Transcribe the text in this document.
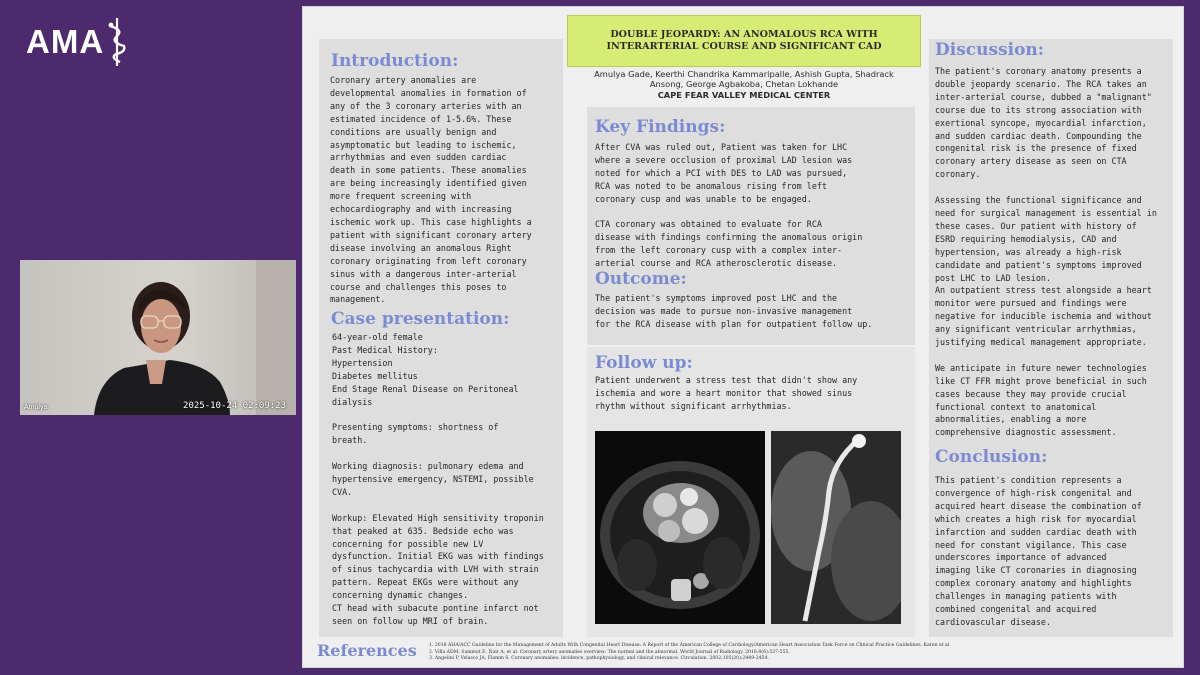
AMA
Amulya	2025-10-24 02:09:23
DOUBLE JEOPARDY: AN ANOMALOUS RCA WITH
INTERARTERIAL COURSE AND SIGNIFICANT CAD
Amulya Gade, Keerthi Chandrika Kammaripalle, Ashish Gupta, Shadrack
Ansong, George Agbakoba, Chetan Lokhande
CAPE FEAR VALLEY MEDICAL CENTER
Introduction:
Coronary artery anomalies are
developmental anomalies in formation of
any of the 3 coronary arteries with an
estimated incidence of 1-5.6%. These
conditions are usually benign and
asymptomatic but leading to ischemic,
arrhythmias and even sudden cardiac
death in some patients. These anomalies
are being increasingly identified given
more frequent screening with
echocardiography and with increasing
ischemic work up. This case highlights a
patient with significant coronary artery
disease involving an anomalous Right
coronary originating from left coronary
sinus with a dangerous inter-arterial
course and challenges this poses to
management.
Case presentation:
64-year-old female
Past Medical History:
Hypertension
Diabetes mellitus
End Stage Renal Disease on Peritoneal
dialysis

Presenting symptoms: shortness of
breath.

Working diagnosis: pulmonary edema and
hypertensive emergency, NSTEMI, possible
CVA.

Workup: Elevated High sensitivity troponin
that peaked at 635. Bedside echo was
concerning for possible new LV
dysfunction. Initial EKG was with findings
of sinus tachycardia with LVH with strain
pattern. Repeat EKGs were without any
concerning dynamic changes.
CT head with subacute pontine infarct not
seen on follow up MRI of brain.
Key Findings:
After CVA was ruled out, Patient was taken for LHC
where a severe occlusion of proximal LAD lesion was
noted for which a PCI with DES to LAD was pursued,
RCA was noted to be anomalous rising from left
coronary cusp and was unable to be engaged.

CTA coronary was obtained to evaluate for RCA
disease with findings confirming the anomalous origin
from the left coronary cusp with a complex inter-
arterial course and RCA atherosclerotic disease.
Outcome:
The patient's symptoms improved post LHC and the
decision was made to pursue non-invasive management
for the RCA disease with plan for outpatient follow up.
Follow up:
Patient underwent a stress test that didn't show any
ischemia and wore a heart monitor that showed sinus
rhythm without significant arrhythmias.
Discussion:
The patient's coronary anatomy presents a
double jeopardy scenario. The RCA takes an
inter-arterial course, dubbed a "malignant"
course due to its strong association with
exertional syncope, myocardial infarction,
and sudden cardiac death. Compounding the
congenital risk is the presence of fixed
coronary artery disease as seen on CTA
coronary.

Assessing the functional significance and
need for surgical management is essential in
these cases. Our patient with history of
ESRD requiring hemodialysis, CAD and
hypertension, was already a high-risk
candidate and patient's symptoms improved
post LHC to LAD lesion.
An outpatient stress test alongside a heart
monitor were pursued and findings were
negative for inducible ischemia and without
any significant ventricular arrhythmias,
justifying medical management appropriate.

We anticipate in future newer technologies
like CT FFR might prove beneficial in such
cases because they may provide crucial
functional context to anatomical
abnormalities, enabling a more
comprehensive diagnostic assessment.
Conclusion:
This patient's condition represents a
convergence of high-risk congenital and
acquired heart disease the combination of
which creates a high risk for myocardial
infarction and sudden cardiac death with
need for constant vigilance. This case
underscores importance of advanced
imaging like CT coronaries in diagnosing
complex coronary anatomy and highlights
challenges in managing patients with
combined congenital and acquired
cardiovascular disease.
References	1. 2018 AHA/ACC Guideline for the Management of Adults With Congenital Heart Disease: A Report of the American College of Cardiology/American Heart Association Task Force on Clinical Practice Guidelines. Karen et al
2. Villa ADM, Sammut E, Nair A, et al. Coronary artery anomalies overview: The normal and the abnormal. World Journal of Radiology. 2016;8(6):537-555.
3. Angelini P, Velasco JA, Flamm S. Coronary anomalies: incidence, pathophysiology, and clinical relevance. Circulation. 2002;105(20):2449-2454.
